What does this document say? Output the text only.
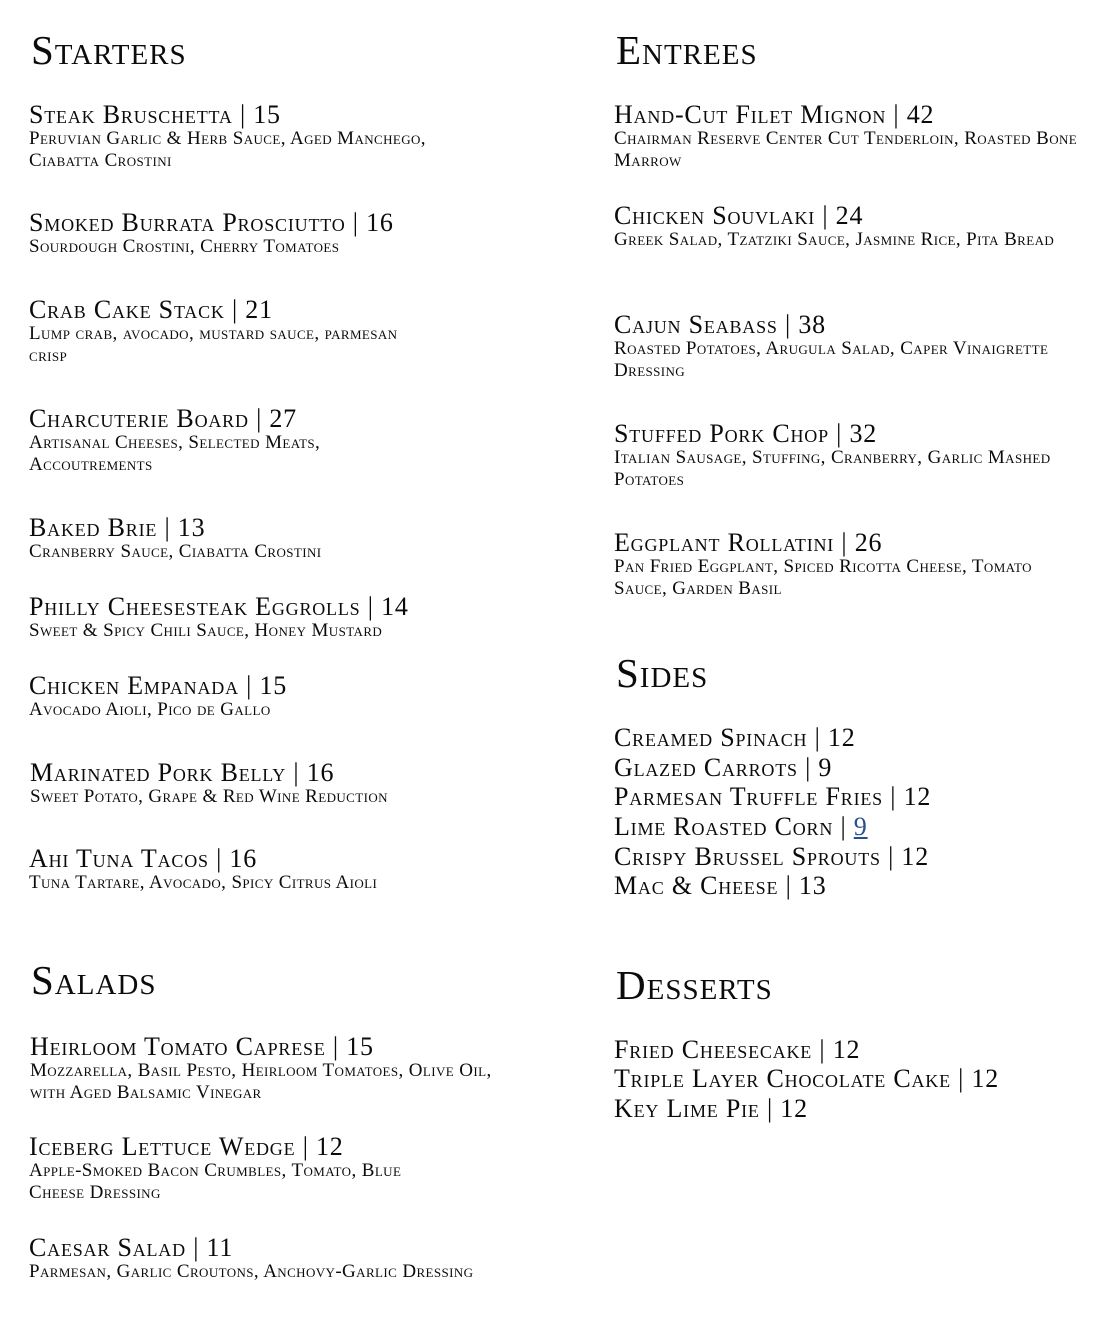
Starters
Steak Bruschetta | 15
Peruvian Garlic & Herb Sauce, Aged Manchego, Ciabatta Crostini
Smoked Burrata Prosciutto | 16
Sourdough Crostini, Cherry Tomatoes
Crab Cake Stack | 21
Lump crab, avocado, mustard sauce, parmesan crisp
Charcuterie Board | 27
Artisanal Cheeses, Selected Meats, Accoutrements
Baked Brie | 13
Cranberry Sauce, Ciabatta Crostini
Philly Cheesesteak Eggrolls | 14
Sweet & Spicy Chili Sauce, Honey Mustard
Chicken Empanada | 15
Avocado Aioli, Pico de Gallo
Marinated Pork Belly | 16
Sweet Potato, Grape & Red Wine Reduction
Ahi Tuna Tacos | 16
Tuna Tartare, Avocado, Spicy Citrus Aioli
Salads
Heirloom Tomato Caprese | 15
Mozzarella, Basil Pesto, Heirloom Tomatoes, Olive Oil, with Aged Balsamic Vinegar
Iceberg Lettuce Wedge | 12
Apple-Smoked Bacon Crumbles, Tomato, Blue Cheese Dressing
Caesar Salad | 11
Parmesan, Garlic Croutons, Anchovy-Garlic Dressing
Entrees
Hand-Cut Filet Mignon | 42
Chairman Reserve Center Cut Tenderloin, Roasted Bone Marrow
Chicken Souvlaki | 24
Greek Salad, Tzatziki Sauce, Jasmine Rice, Pita Bread
Cajun Seabass | 38
Roasted Potatoes, Arugula Salad, Caper Vinaigrette Dressing
Stuffed Pork Chop | 32
Italian Sausage, Stuffing, Cranberry, Garlic Mashed Potatoes
Eggplant Rollatini | 26
Pan Fried Eggplant, Spiced Ricotta Cheese, Tomato Sauce, Garden Basil
Sides
Creamed Spinach | 12
Glazed Carrots | 9
Parmesan Truffle Fries | 12
Lime Roasted Corn | 9
Crispy Brussel Sprouts | 12
Mac & Cheese | 13
Desserts
Fried Cheesecake | 12
Triple Layer Chocolate Cake | 12
Key Lime Pie | 12
